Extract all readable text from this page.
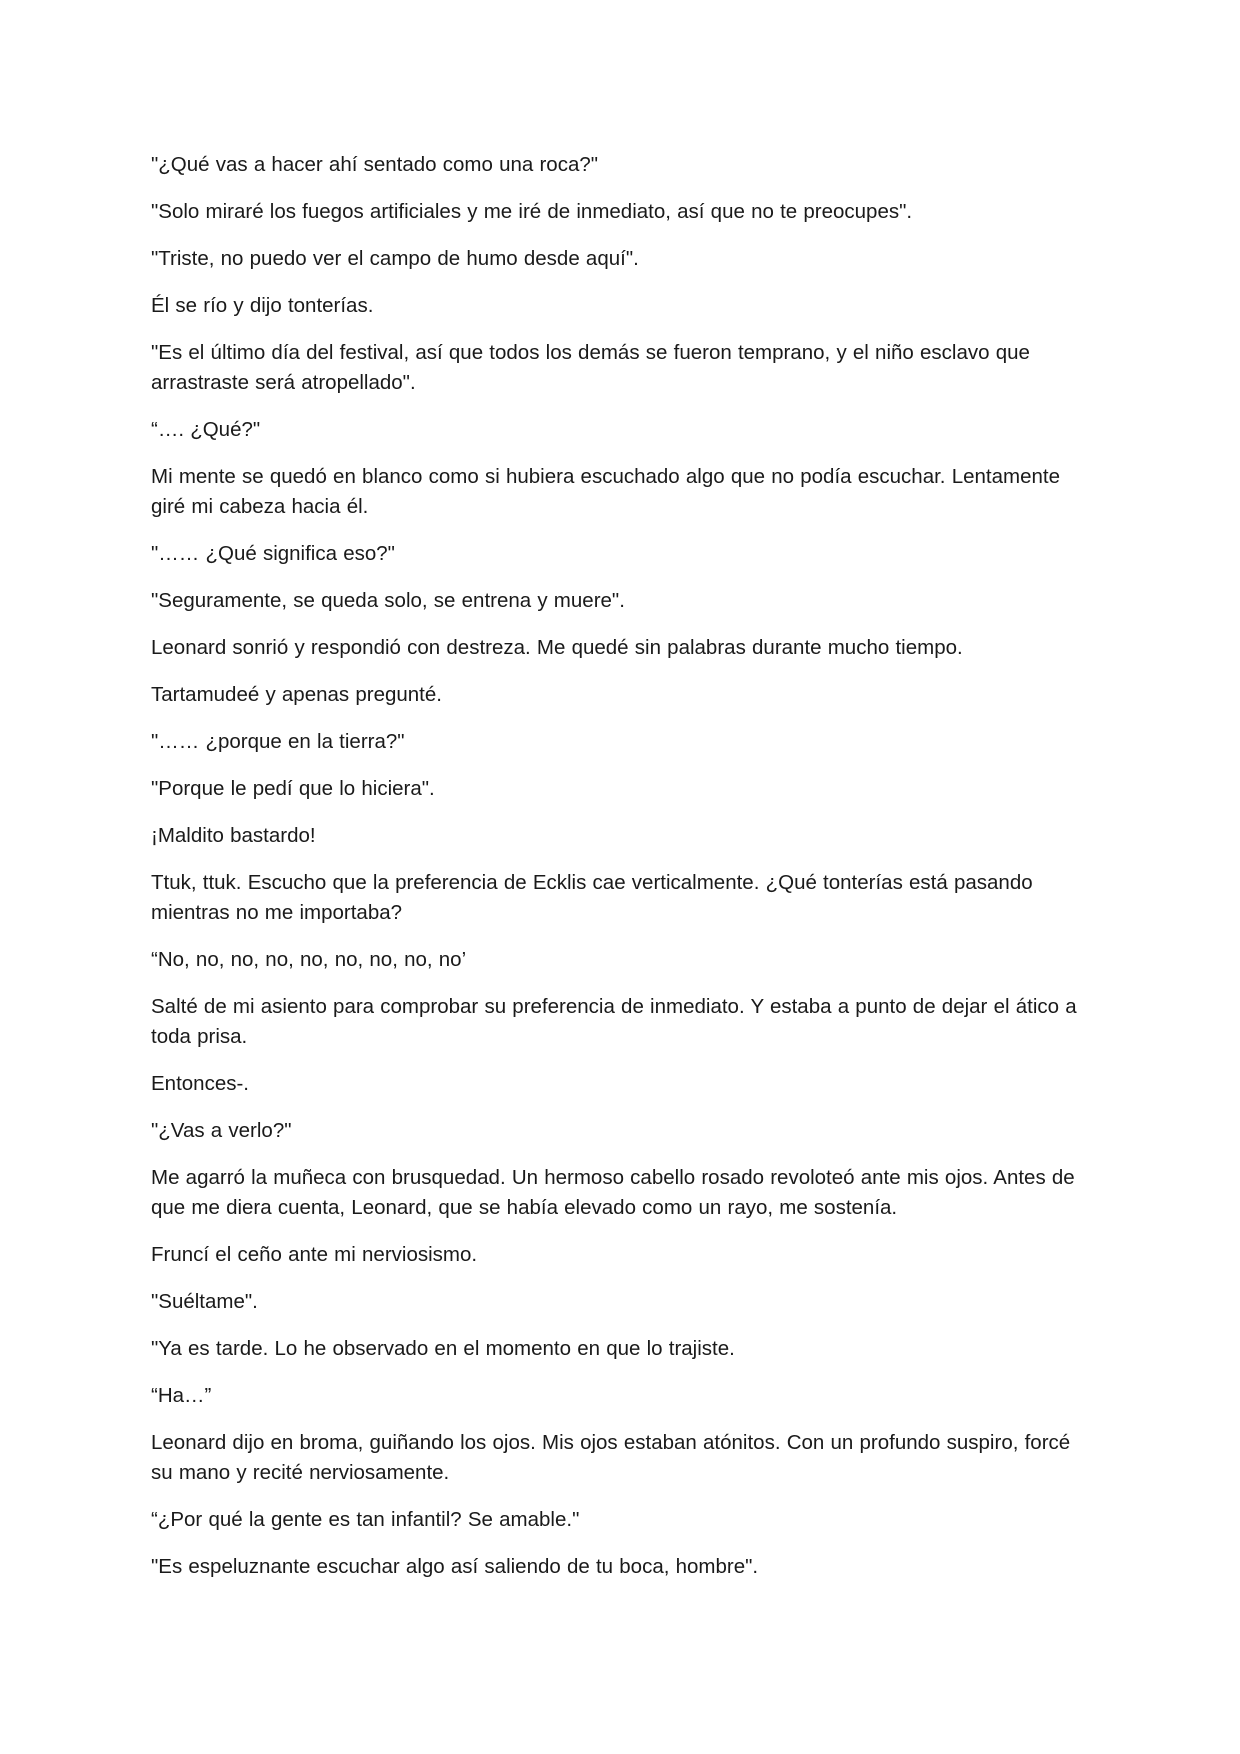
"¿Qué vas a hacer ahí sentado como una roca?"

"Solo miraré los fuegos artificiales y me iré de inmediato, así que no te preocupes".

"Triste, no puedo ver el campo de humo desde aquí".

Él se río y dijo tonterías.

"Es el último día del festival, así que todos los demás se fueron temprano, y el niño esclavo que arrastraste será atropellado".

“…. ¿Qué?"

Mi mente se quedó en blanco como si hubiera escuchado algo que no podía escuchar. Lentamente giré mi cabeza hacia él.

"…… ¿Qué significa eso?"

"Seguramente, se queda solo, se entrena y muere".

Leonard sonrió y respondió con destreza. Me quedé sin palabras durante mucho tiempo.

Tartamudeé y apenas pregunté.

"…… ¿porque en la tierra?"

"Porque le pedí que lo hiciera".

¡Maldito bastardo!

Ttuk, ttuk. Escucho que la preferencia de Ecklis cae verticalmente. ¿Qué tonterías está pasando mientras no me importaba?

“No, no, no, no, no, no, no, no, no’

Salté de mi asiento para comprobar su preferencia de inmediato. Y estaba a punto de dejar el ático a toda prisa.

Entonces-.

"¿Vas a verlo?"

Me agarró la muñeca con brusquedad. Un hermoso cabello rosado revoloteó ante mis ojos. Antes de que me diera cuenta, Leonard, que se había elevado como un rayo, me sostenía.

Fruncí el ceño ante mi nerviosismo.

"Suéltame".

"Ya es tarde. Lo he observado en el momento en que lo trajiste.

“Ha…”

Leonard dijo en broma, guiñando los ojos. Mis ojos estaban atónitos. Con un profundo suspiro, forcé su mano y recité nerviosamente.

“¿Por qué la gente es tan infantil? Se amable."

"Es espeluznante escuchar algo así saliendo de tu boca, hombre".
